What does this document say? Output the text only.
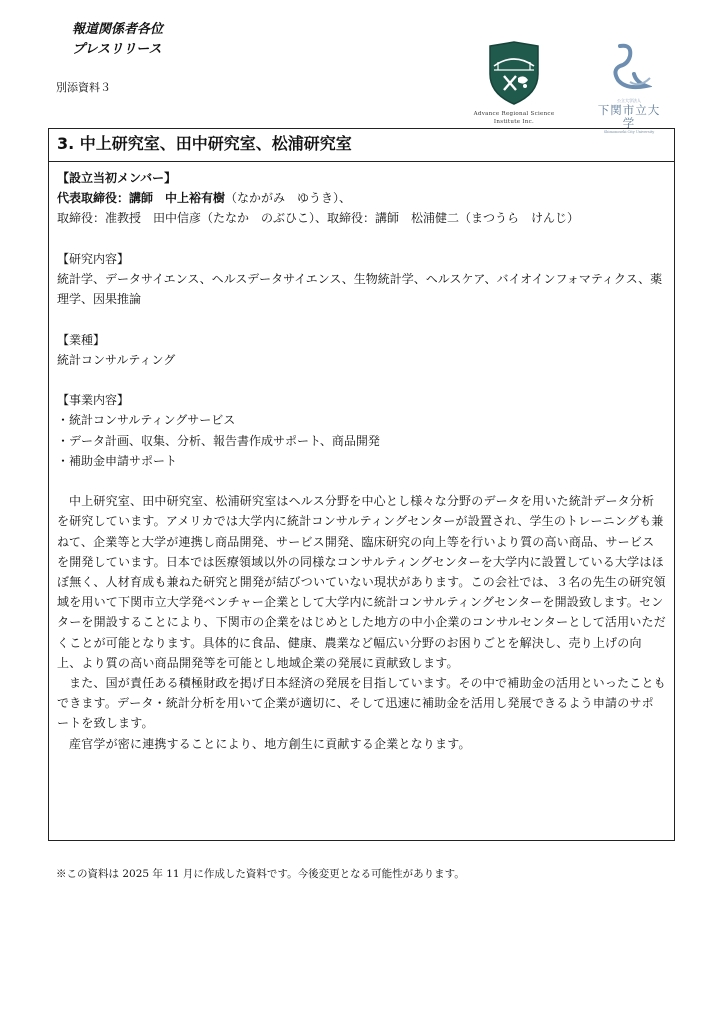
報道関係者各位
プレスリリース
別添資料３
Advance Regional Science
Institute Inc.
公立大学法人
下関市立大学
Shimonoseki City University
3. 中上研究室、田中研究室、松浦研究室

【設立当初メンバー】

代表取締役：講師　中上裕有樹（なかがみ　ゆうき）、

取締役：准教授　田中信彦（たなか　のぶひこ）、取締役：講師　松浦健二（まつうら　けんじ）

【研究内容】

統計学、データサイエンス、ヘルスデータサイエンス、生物統計学、ヘルスケア、バイオインフォマティクス、薬理学、因果推論

【業種】

統計コンサルティング

【事業内容】

・統計コンサルティングサービス

・データ計画、収集、分析、報告書作成サポート、商品開発

・補助金申請サポート

中上研究室、田中研究室、松浦研究室はヘルス分野を中心とし様々な分野のデータを用いた統計データ分析を研究しています。アメリカでは大学内に統計コンサルティングセンターが設置され、学生のトレーニングも兼ねて、企業等と大学が連携し商品開発、サービス開発、臨床研究の向上等を行いより質の高い商品、サービスを開発しています。日本では医療領域以外の同様なコンサルティングセンターを大学内に設置している大学はほぼ無く、人材育成も兼ねた研究と開発が結びついていない現状があります。この会社では、３名の先生の研究領域を用いて下関市立大学発ベンチャー企業として大学内に統計コンサルティングセンターを開設致します。センターを開設することにより、下関市の企業をはじめとした地方の中小企業のコンサルセンターとして活用いただくことが可能となります。具体的に食品、健康、農業など幅広い分野のお困りごとを解決し、売り上げの向上、より質の高い商品開発等を可能とし地域企業の発展に貢献致します。

また、国が責任ある積極財政を掲げ日本経済の発展を目指しています。その中で補助金の活用といったこともできます。データ・統計分析を用いて企業が適切に、そして迅速に補助金を活用し発展できるよう申請のサポートを致します。

産官学が密に連携することにより、地方創生に貢献する企業となります。

※この資料は 2025 年 11 月に作成した資料です。今後変更となる可能性があります。
